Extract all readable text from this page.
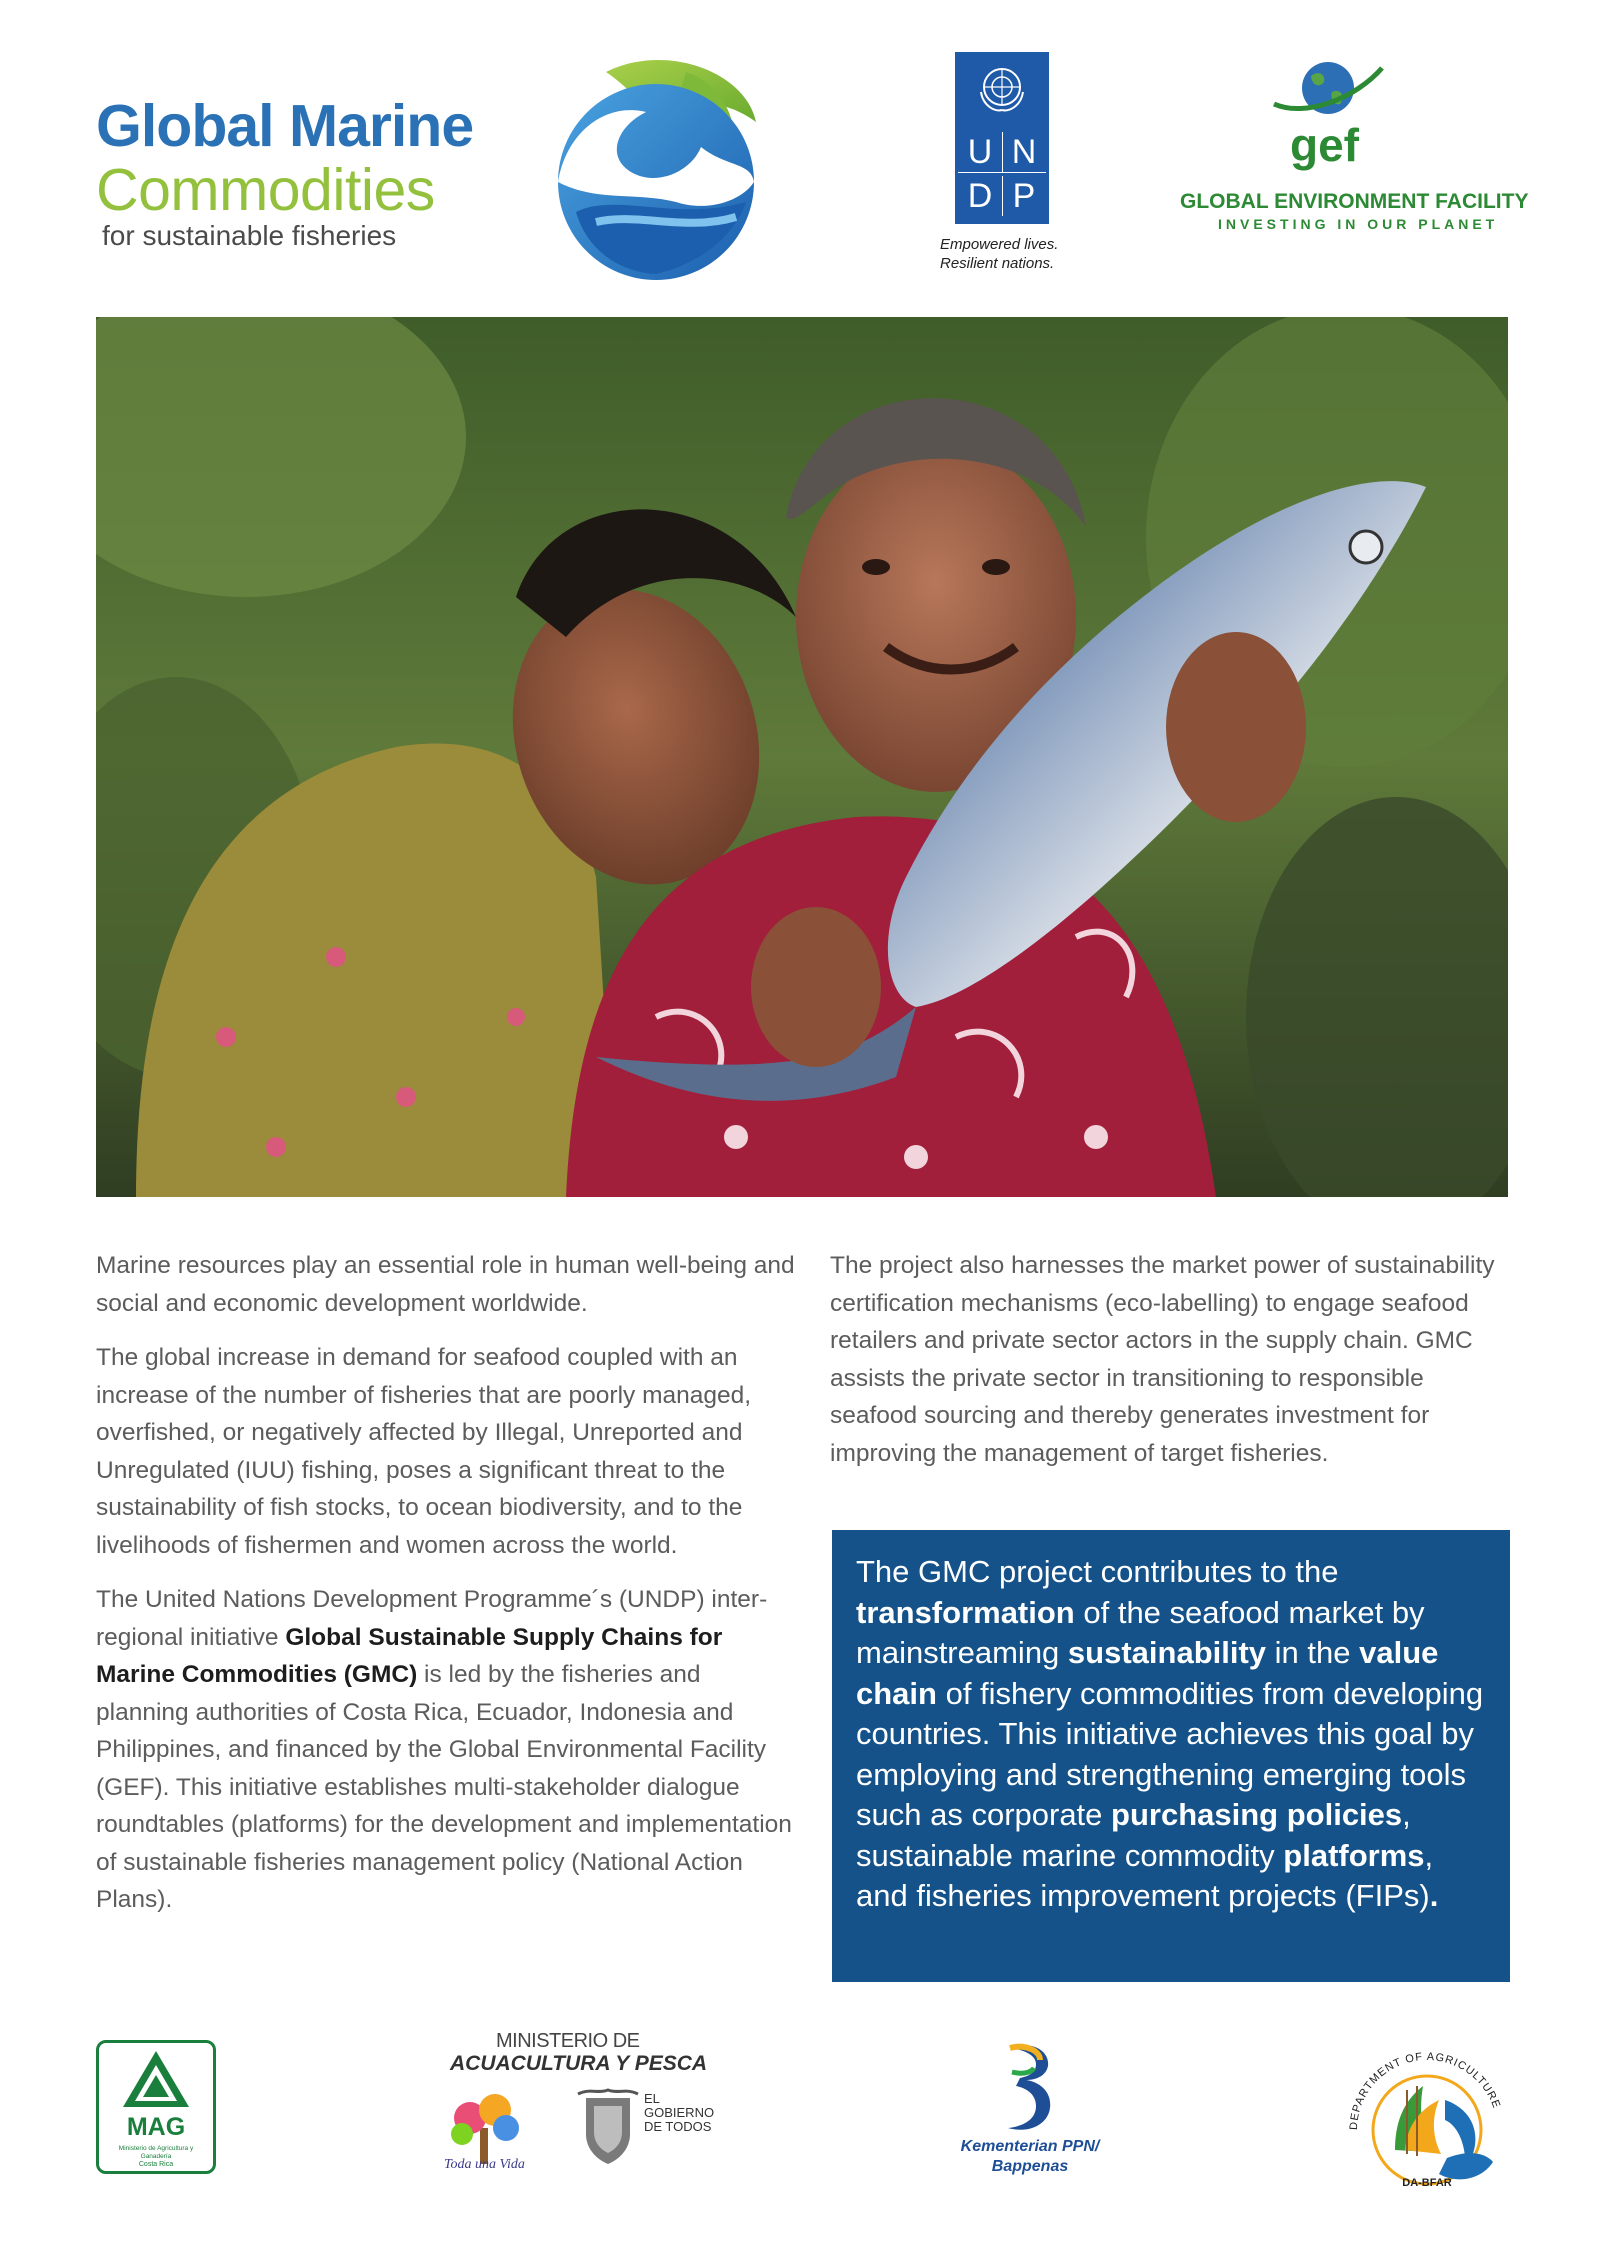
Global Marine
Commodities
for sustainable fisheries
U N
D P
Empowered lives.
Resilient nations.
gef
GLOBAL ENVIRONMENT FACILITY
INVESTING IN OUR PLANET

Marine resources play an essential role in human well-being and social and economic development worldwide.

The global increase in demand for seafood coupled with an increase of the number of fisheries that are poorly managed, overfished, or negatively affected by Illegal, Unreported and Unregulated (IUU) fishing, poses a significant threat to the sustainability of fish stocks, to ocean biodiversity, and to the livelihoods of fishermen and women across the world.

The United Nations Development Programme´s (UNDP) inter-regional initiative Global Sustainable Supply Chains for Marine Commodities (GMC) is led by the fisheries and planning authorities of Costa Rica, Ecuador, Indonesia and Philippines, and financed by the Global Environmental Facility (GEF). This initiative establishes multi-stakeholder dialogue roundtables (platforms) for the development and implementation of sustainable fisheries management policy (National Action Plans).

The project also harnesses the market power of sustainability certification mechanisms (eco-labelling) to engage seafood retailers and private sector actors in the supply chain. GMC assists the private sector in transitioning to responsible seafood sourcing and thereby generates investment for improving the management of target fisheries.

The GMC project contributes to the transformation of the seafood market by mainstreaming sustainability in the value chain of fishery commodities from developing countries. This initiative achieves this goal by employing and strengthening emerging tools such as corporate purchasing policies, sustainable marine commodity platforms, and fisheries improvement projects (FIPs).
MAG
Ministerio de Agricultura y Ganadería
Costa Rica
MINISTERIO DE
ACUACULTURA Y PESCA
Toda una Vida
EL GOBIERNO DE TODOS
Kementerian PPN/
Bappenas
DEPARTMENT OF AGRICULTURE
DA-BFAR
